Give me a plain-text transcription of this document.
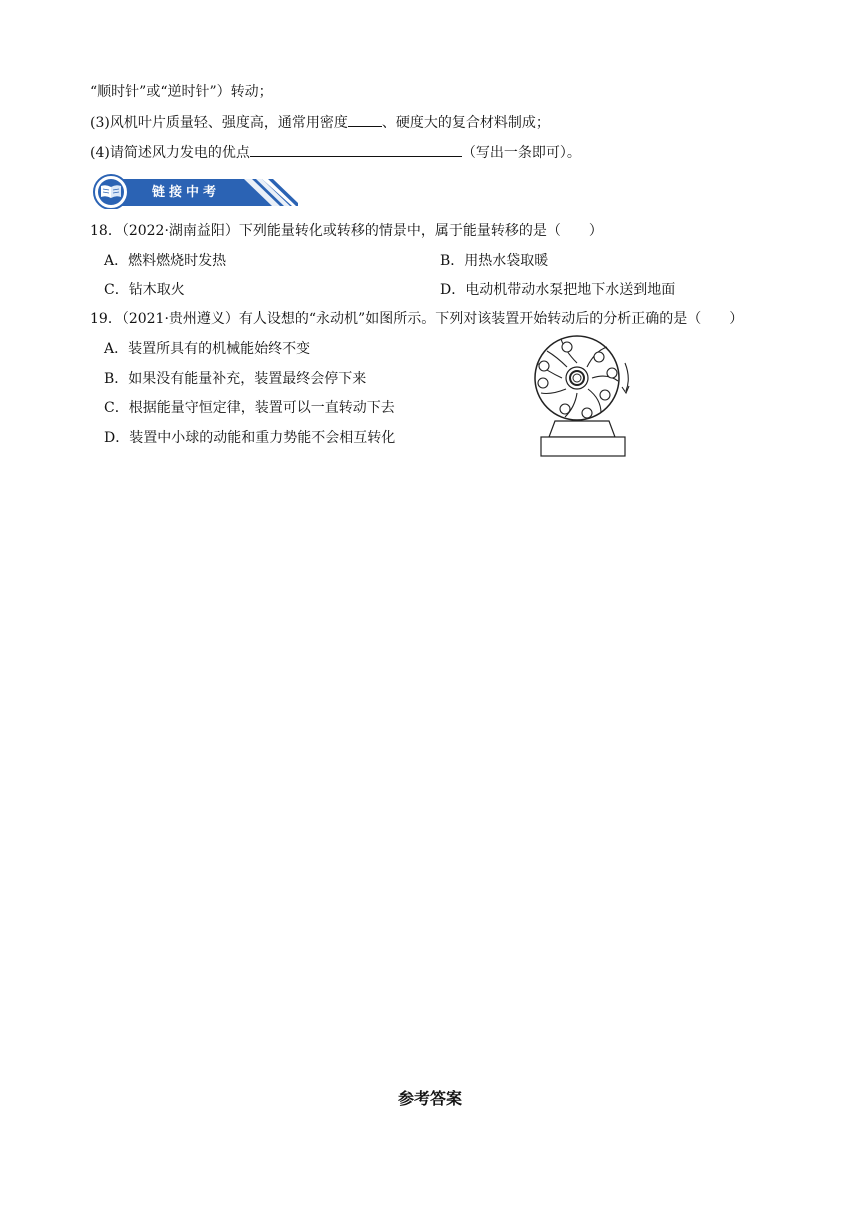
“顺时针”或“逆时针”）转动；
(3)风机叶片质量轻、强度高，通常用密度 、硬度大的复合材料制成；
(4)请简述风力发电的优点	（写出一条即可）。
链接中考
18．（2022·湖南益阳）下列能量转化或转移的情景中，属于能量转移的是（　　）
A．燃料燃烧时发热	B．用热水袋取暖
C．钻木取火	D．电动机带动水泵把地下水送到地面
19．（2021·贵州遵义）有人设想的“永动机”如图所示。下列对该装置开始转动后的分析正确的是（　　）
A．装置所具有的机械能始终不变
B．如果没有能量补充，装置最终会停下来
C．根据能量守恒定律，装置可以一直转动下去
D．装置中小球的动能和重力势能不会相互转化
参考答案
